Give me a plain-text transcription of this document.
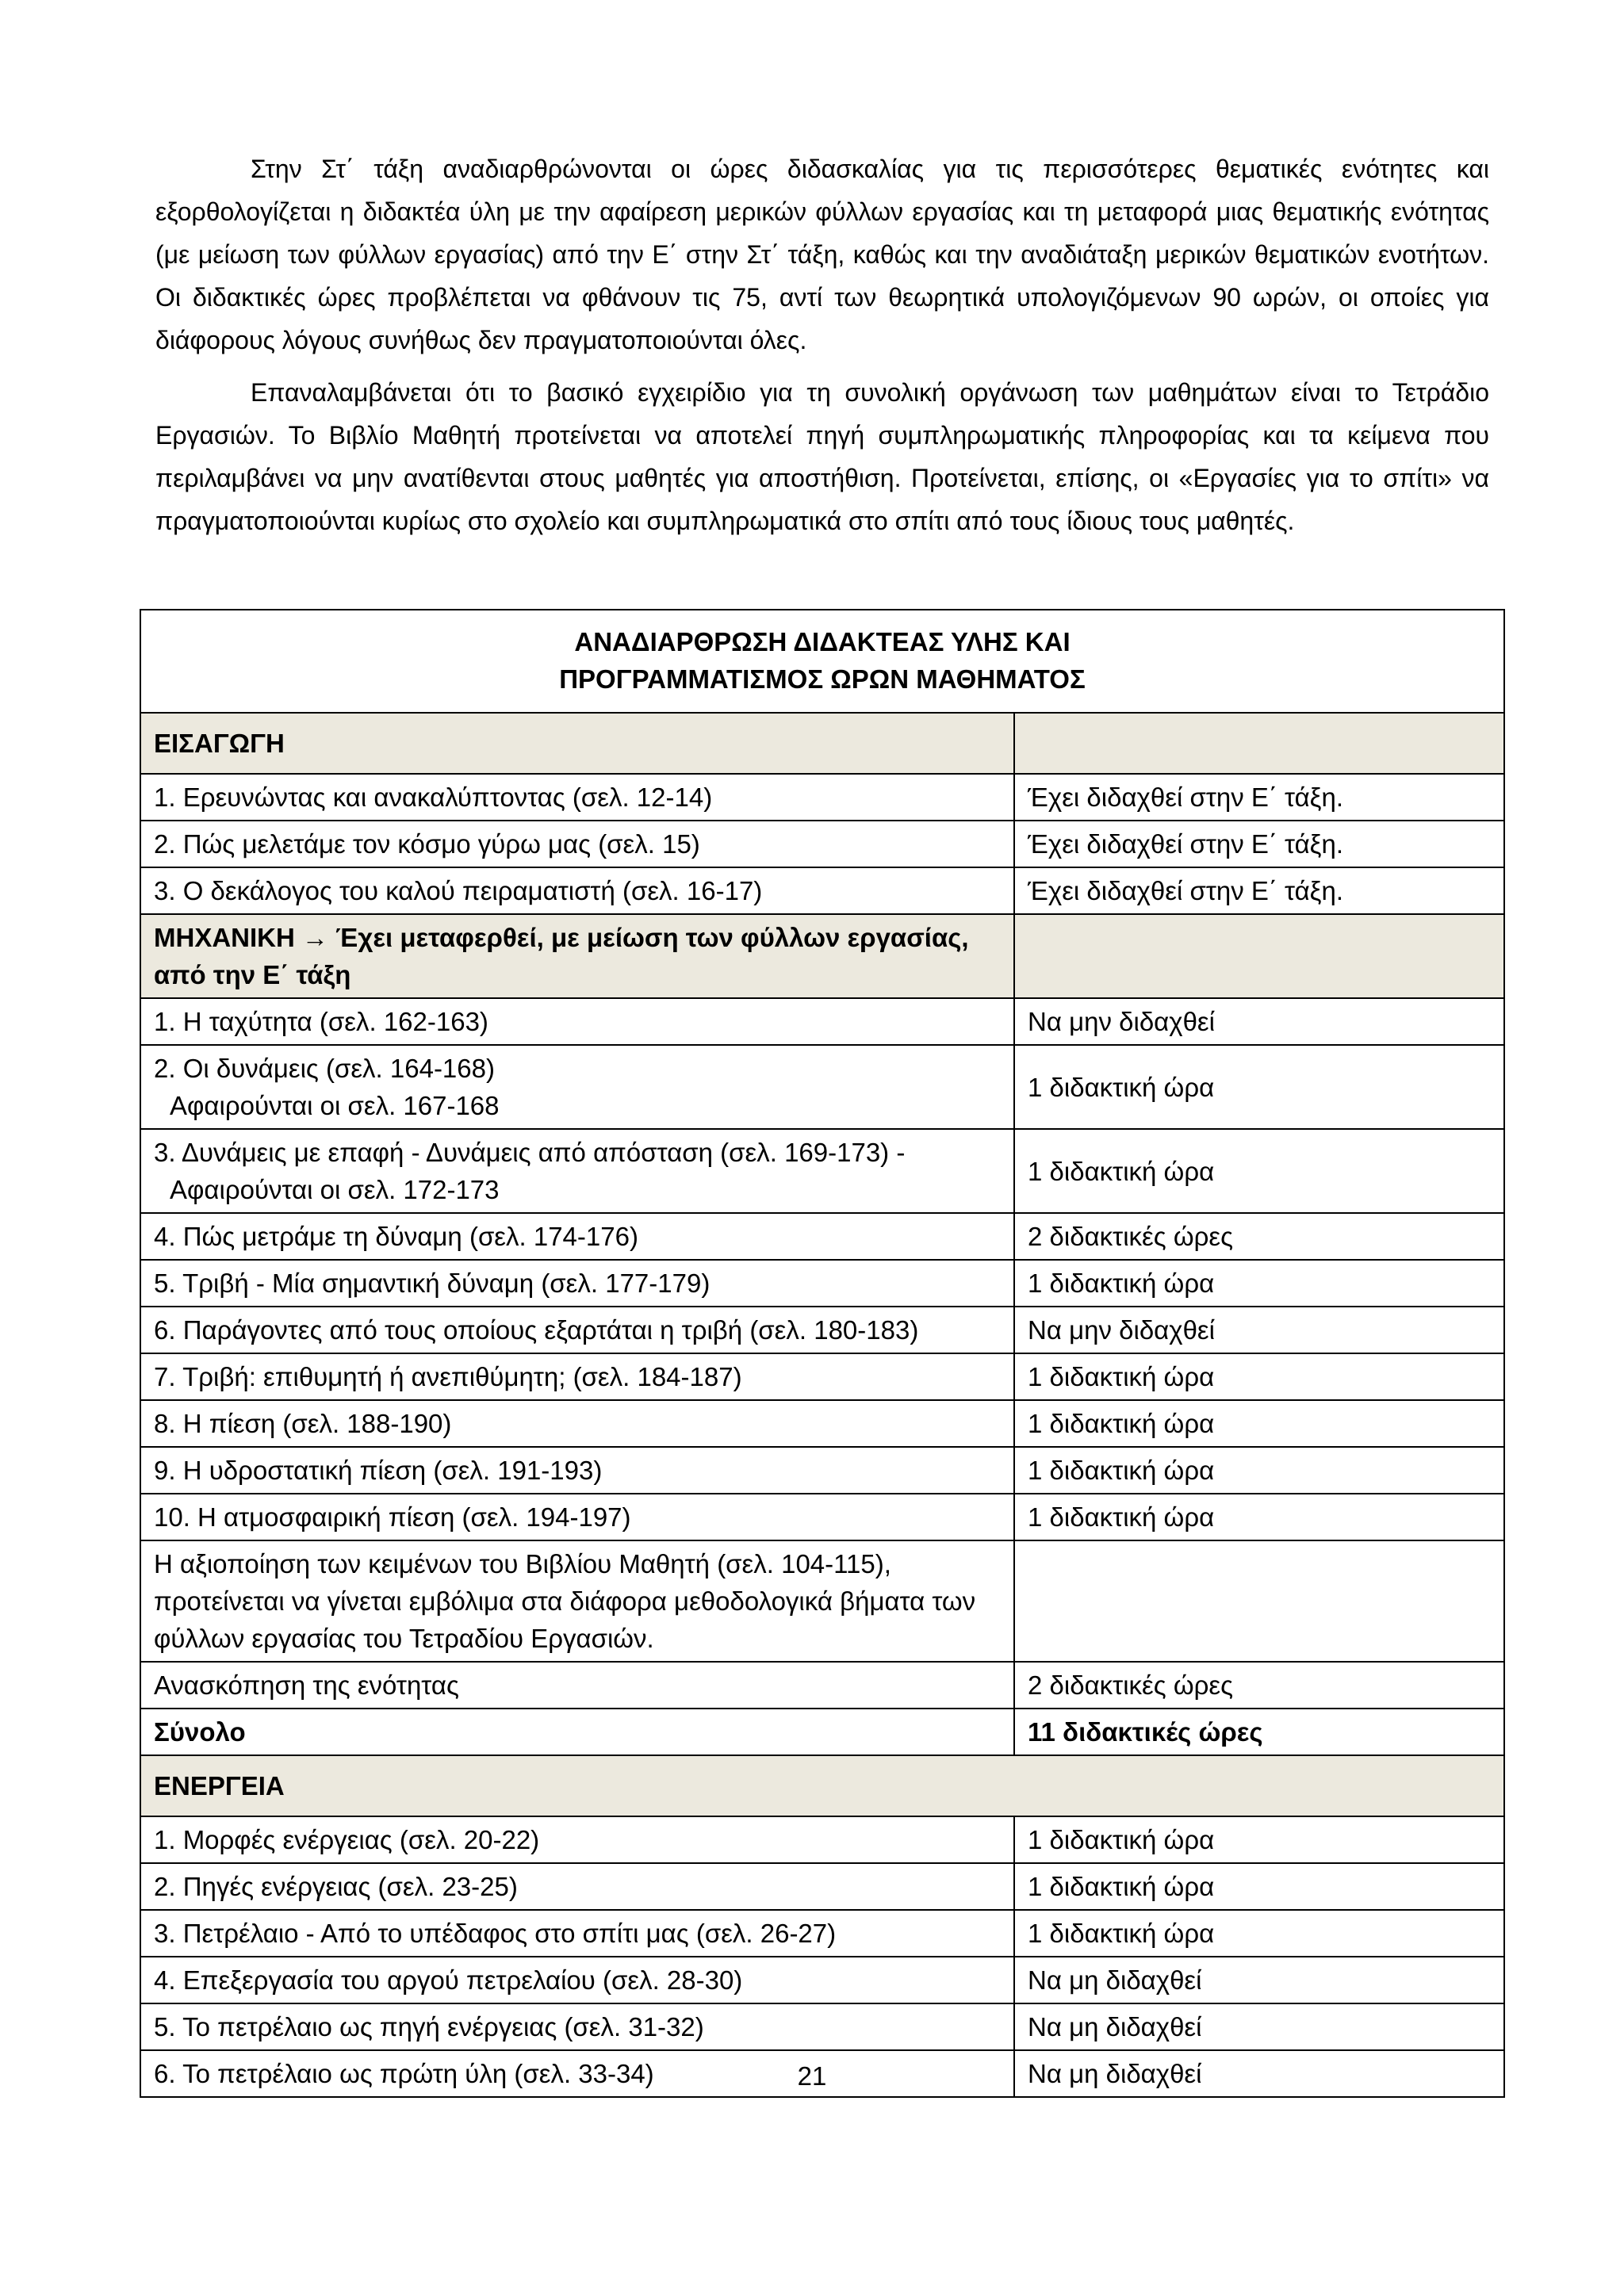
Στην Στ΄ τάξη αναδιαρθρώνονται οι ώρες διδασκαλίας για τις περισσότερες θεματικές ενότητες και εξορθολογίζεται η διδακτέα ύλη με την αφαίρεση μερικών φύλλων εργασίας και τη μεταφορά μιας θεματικής ενότητας (με μείωση των φύλλων εργασίας) από την Ε΄ στην Στ΄ τάξη, καθώς και την αναδιάταξη μερικών θεματικών ενοτήτων. Οι διδακτικές ώρες προβλέπεται να φθάνουν τις 75, αντί των θεωρητικά υπολογιζόμενων 90 ωρών, οι οποίες για διάφορους λόγους συνήθως δεν πραγματοποιούνται όλες.

Επαναλαμβάνεται ότι το βασικό εγχειρίδιο για τη συνολική οργάνωση των μαθημάτων είναι το Τετράδιο Εργασιών. Το Βιβλίο Μαθητή προτείνεται να αποτελεί πηγή συμπληρωματικής πληροφορίας και τα κείμενα που περιλαμβάνει να μην ανατίθενται στους μαθητές για αποστήθιση. Προτείνεται, επίσης, οι «Εργασίες για το σπίτι» να πραγματοποιούνται κυρίως στο σχολείο και συμπληρωματικά στο σπίτι από τους ίδιους τους μαθητές.

ΑΝΑΔΙΑΡΘΡΩΣΗ ΔΙΔΑΚΤΕΑΣ ΥΛΗΣ ΚΑΙ
ΠΡΟΓΡΑΜΜΑΤΙΣΜΟΣ ΩΡΩΝ ΜΑΘΗΜΑΤΟΣ	

ΕΙΣΑΓΩΓΗ	
1. Ερευνώντας και ανακαλύπτοντας (σελ. 12-14)	Έχει διδαχθεί στην Ε΄ τάξη.
2. Πώς μελετάμε τον κόσμο γύρω μας (σελ. 15)	Έχει διδαχθεί στην Ε΄ τάξη.
3. Ο δεκάλογος του καλού πειραματιστή (σελ. 16-17)	Έχει διδαχθεί στην Ε΄ τάξη.
ΜΗΧΑΝΙΚΗ → Έχει μεταφερθεί, με μείωση των φύλλων εργασίας, από την Ε΄ τάξη	
1. Η ταχύτητα (σελ. 162-163)	Να μην διδαχθεί
2. Οι δυνάμεις (σελ. 164-168)
Αφαιρούνται οι σελ. 167-168	1 διδακτική ώρα
3. Δυνάμεις με επαφή - Δυνάμεις από απόσταση (σελ. 169-173) -
Αφαιρούνται οι σελ. 172-173	1 διδακτική ώρα
4. Πώς μετράμε τη δύναμη (σελ. 174-176)	2 διδακτικές ώρες
5. Τριβή - Μία σημαντική δύναμη (σελ. 177-179)	1 διδακτική ώρα
6. Παράγοντες από τους οποίους εξαρτάται η τριβή (σελ. 180-183)	Να μην διδαχθεί
7. Τριβή: επιθυμητή ή ανεπιθύμητη; (σελ. 184-187)	1 διδακτική ώρα
8. Η πίεση (σελ. 188-190)	1 διδακτική ώρα
9. Η υδροστατική πίεση (σελ. 191-193)	1 διδακτική ώρα
10. Η ατμοσφαιρική πίεση (σελ. 194-197)	1 διδακτική ώρα
Η αξιοποίηση των κειμένων του Βιβλίου Μαθητή (σελ. 104-115), προτείνεται να γίνεται εμβόλιμα στα διάφορα μεθοδολογικά βήματα των φύλλων εργασίας του Τετραδίου Εργασιών.	
Ανασκόπηση της ενότητας	2 διδακτικές ώρες
Σύνολο	11 διδακτικές ώρες
ΕΝΕΡΓΕΙΑ	
1. Μορφές ενέργειας (σελ. 20-22)	1 διδακτική ώρα
2. Πηγές ενέργειας (σελ. 23-25)	1 διδακτική ώρα
3. Πετρέλαιο - Από το υπέδαφος στο σπίτι μας (σελ. 26-27)	1 διδακτική ώρα
4. Επεξεργασία του αργού πετρελαίου (σελ. 28-30)	Να μη διδαχθεί
5. Το πετρέλαιο ως πηγή ενέργειας (σελ. 31-32)	Να μη διδαχθεί
6. Το πετρέλαιο ως πρώτη ύλη (σελ. 33-34)	Να μη διδαχθεί
21
